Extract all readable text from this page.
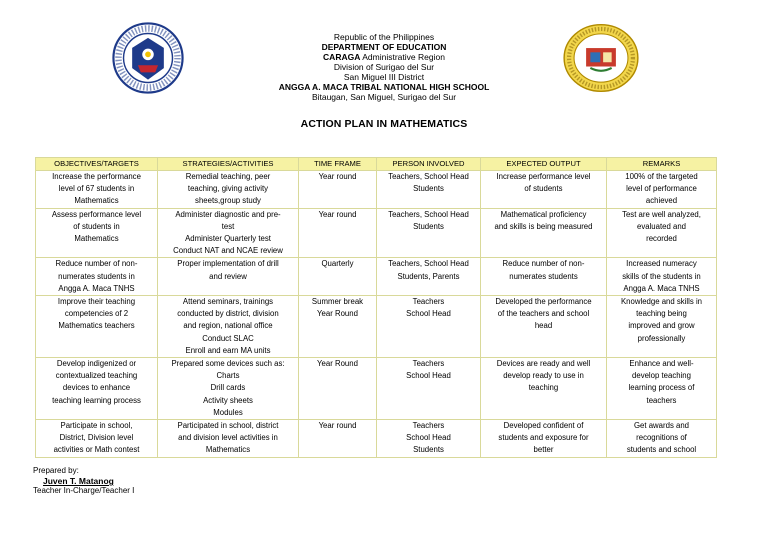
Republic of the Philippines
DEPARTMENT OF EDUCATION
CARAGA Administrative Region
Division of Surigao del Sur
San Miguel III District
ANGGA A. MACA TRIBAL NATIONAL HIGH SCHOOL
Bitaugan, San Miguel, Surigao del Sur
ACTION PLAN IN MATHEMATICS
OBJECTIVES/TARGETS	STRATEGIES/ACTIVITIES	TIME FRAME	PERSON INVOLVED	EXPECTED OUTPUT	REMARKS

Increase the performance
level of 67 students in
Mathematics	Remedial teaching, peer
teaching, giving activity
sheets,group study	Year round	Teachers, School Head
Students	Increase performance level
of students	100% of the targeted
level of performance
achieved

Assess performance level
of students in
Mathematics	Administer diagnostic and pre-
test
Administer Quarterly test
Conduct NAT and NCAE review	Year round	Teachers, School Head
Students	Mathematical proficiency
and skills is being measured	Test are well analyzed,
evaluated and
recorded

Reduce number of non-
numerates students in
Angga A. Maca TNHS	Proper implementation of drill
and review	Quarterly	Teachers, School Head
Students, Parents	Reduce number of non-
numerates students	Increased numeracy
skills of the students in
Angga A. Maca TNHS

Improve their teaching
competencies of 2
Mathematics teachers	Attend seminars, trainings
conducted by district, division
and region, national office
Conduct SLAC
Enroll and earn MA units	Summer break
Year Round	Teachers
School Head	Developed the performance
of the teachers and school
head	Knowledge and skills in
teaching being
improved and grow
professionally

Develop indigenized or
contextualized teaching
devices to enhance
teaching learning process	Prepared some devices such as:
Charts
Drill cards
Activity sheets
Modules	Year Round	Teachers
School Head	Devices are ready and well
develop ready to use in
teaching	Enhance and well-
develop teaching
learning process of
teachers

Participate in school,
District, Division level
activities or Math contest	Participated in school, district
and division level activities in
Mathematics	Year round	Teachers
School Head
Students	Developed confident of
students and exposure for
better	Get awards and
recognitions of
students and school
Prepared by:
Juven T. Matanog
Teacher In-Charge/Teacher I
